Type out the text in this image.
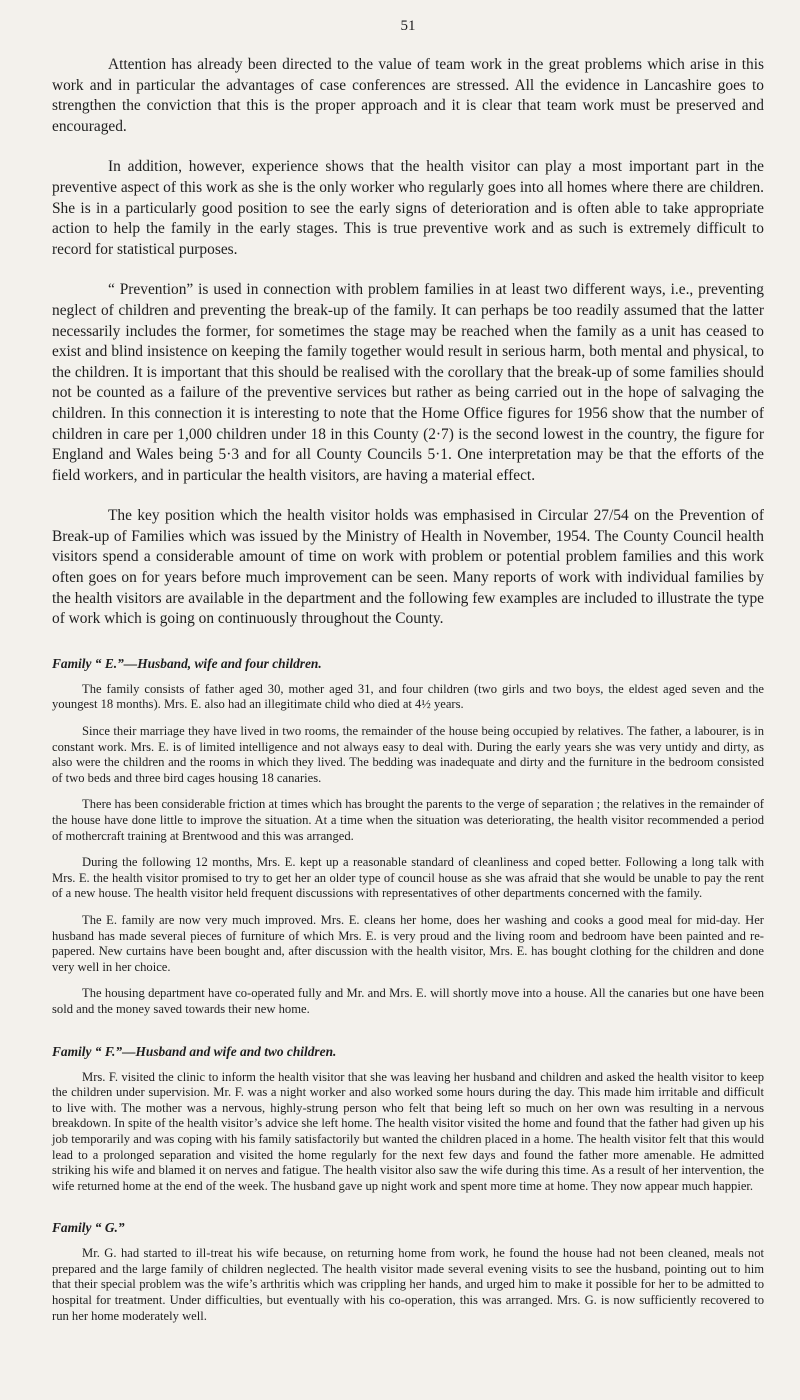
51

Attention has already been directed to the value of team work in the great problems which arise in this work and in particular the advantages of case conferences are stressed. All the evidence in Lancashire goes to strengthen the conviction that this is the proper approach and it is clear that team work must be preserved and encouraged.

In addition, however, experience shows that the health visitor can play a most important part in the preventive aspect of this work as she is the only worker who regularly goes into all homes where there are children. She is in a particularly good position to see the early signs of deterioration and is often able to take appropriate action to help the family in the early stages. This is true preventive work and as such is extremely difficult to record for statistical purposes.

“ Prevention” is used in connection with problem families in at least two different ways, i.e., preventing neglect of children and preventing the break-up of the family. It can perhaps be too readily assumed that the latter necessarily includes the former, for sometimes the stage may be reached when the family as a unit has ceased to exist and blind insistence on keeping the family together would result in serious harm, both mental and physical, to the children. It is important that this should be realised with the corollary that the break-up of some families should not be counted as a failure of the preventive services but rather as being carried out in the hope of salvaging the children. In this connection it is interesting to note that the Home Office figures for 1956 show that the number of children in care per 1,000 children under 18 in this County (2·7) is the second lowest in the country, the figure for England and Wales being 5·3 and for all County Councils 5·1. One interpretation may be that the efforts of the field workers, and in particular the health visitors, are having a material effect.

The key position which the health visitor holds was emphasised in Circular 27/54 on the Prevention of Break-up of Families which was issued by the Ministry of Health in November, 1954. The County Council health visitors spend a considerable amount of time on work with problem or potential problem families and this work often goes on for years before much improvement can be seen. Many reports of work with individual families by the health visitors are available in the department and the following few examples are included to illustrate the type of work which is going on continuously throughout the County.

Family “ E.”—Husband, wife and four children.

The family consists of father aged 30, mother aged 31, and four children (two girls and two boys, the eldest aged seven and the youngest 18 months). Mrs. E. also had an illegitimate child who died at 4½ years.

Since their marriage they have lived in two rooms, the remainder of the house being occupied by relatives. The father, a labourer, is in constant work. Mrs. E. is of limited intelligence and not always easy to deal with. During the early years she was very untidy and dirty, as also were the children and the rooms in which they lived. The bedding was inadequate and dirty and the furniture in the bedroom consisted of two beds and three bird cages housing 18 canaries.

There has been considerable friction at times which has brought the parents to the verge of separation ; the relatives in the remainder of the house have done little to improve the situation. At a time when the situation was deteriorating, the health visitor recommended a period of mothercraft training at Brentwood and this was arranged.

During the following 12 months, Mrs. E. kept up a reasonable standard of cleanliness and coped better. Following a long talk with Mrs. E. the health visitor promised to try to get her an older type of council house as she was afraid that she would be unable to pay the rent of a new house. The health visitor held frequent discussions with representatives of other departments concerned with the family.

The E. family are now very much improved. Mrs. E. cleans her home, does her washing and cooks a good meal for mid-day. Her husband has made several pieces of furniture of which Mrs. E. is very proud and the living room and bedroom have been painted and re-papered. New curtains have been bought and, after discussion with the health visitor, Mrs. E. has bought clothing for the children and done very well in her choice.

The housing department have co-operated fully and Mr. and Mrs. E. will shortly move into a house. All the canaries but one have been sold and the money saved towards their new home.

Family “ F.”—Husband and wife and two children.

Mrs. F. visited the clinic to inform the health visitor that she was leaving her husband and children and asked the health visitor to keep the children under supervision. Mr. F. was a night worker and also worked some hours during the day. This made him irritable and difficult to live with. The mother was a nervous, highly-strung person who felt that being left so much on her own was resulting in a nervous breakdown. In spite of the health visitor’s advice she left home. The health visitor visited the home and found that the father had given up his job temporarily and was coping with his family satisfactorily but wanted the children placed in a home. The health visitor felt that this would lead to a prolonged separation and visited the home regularly for the next few days and found the father more amenable. He admitted striking his wife and blamed it on nerves and fatigue. The health visitor also saw the wife during this time. As a result of her intervention, the wife returned home at the end of the week. The husband gave up night work and spent more time at home. They now appear much happier.

Family “ G.”

Mr. G. had started to ill-treat his wife because, on returning home from work, he found the house had not been cleaned, meals not prepared and the large family of children neglected. The health visitor made several evening visits to see the husband, pointing out to him that their special problem was the wife’s arthritis which was crippling her hands, and urged him to make it possible for her to be admitted to hospital for treatment. Under difficulties, but eventually with his co-operation, this was arranged. Mrs. G. is now sufficiently recovered to run her home moderately well.
